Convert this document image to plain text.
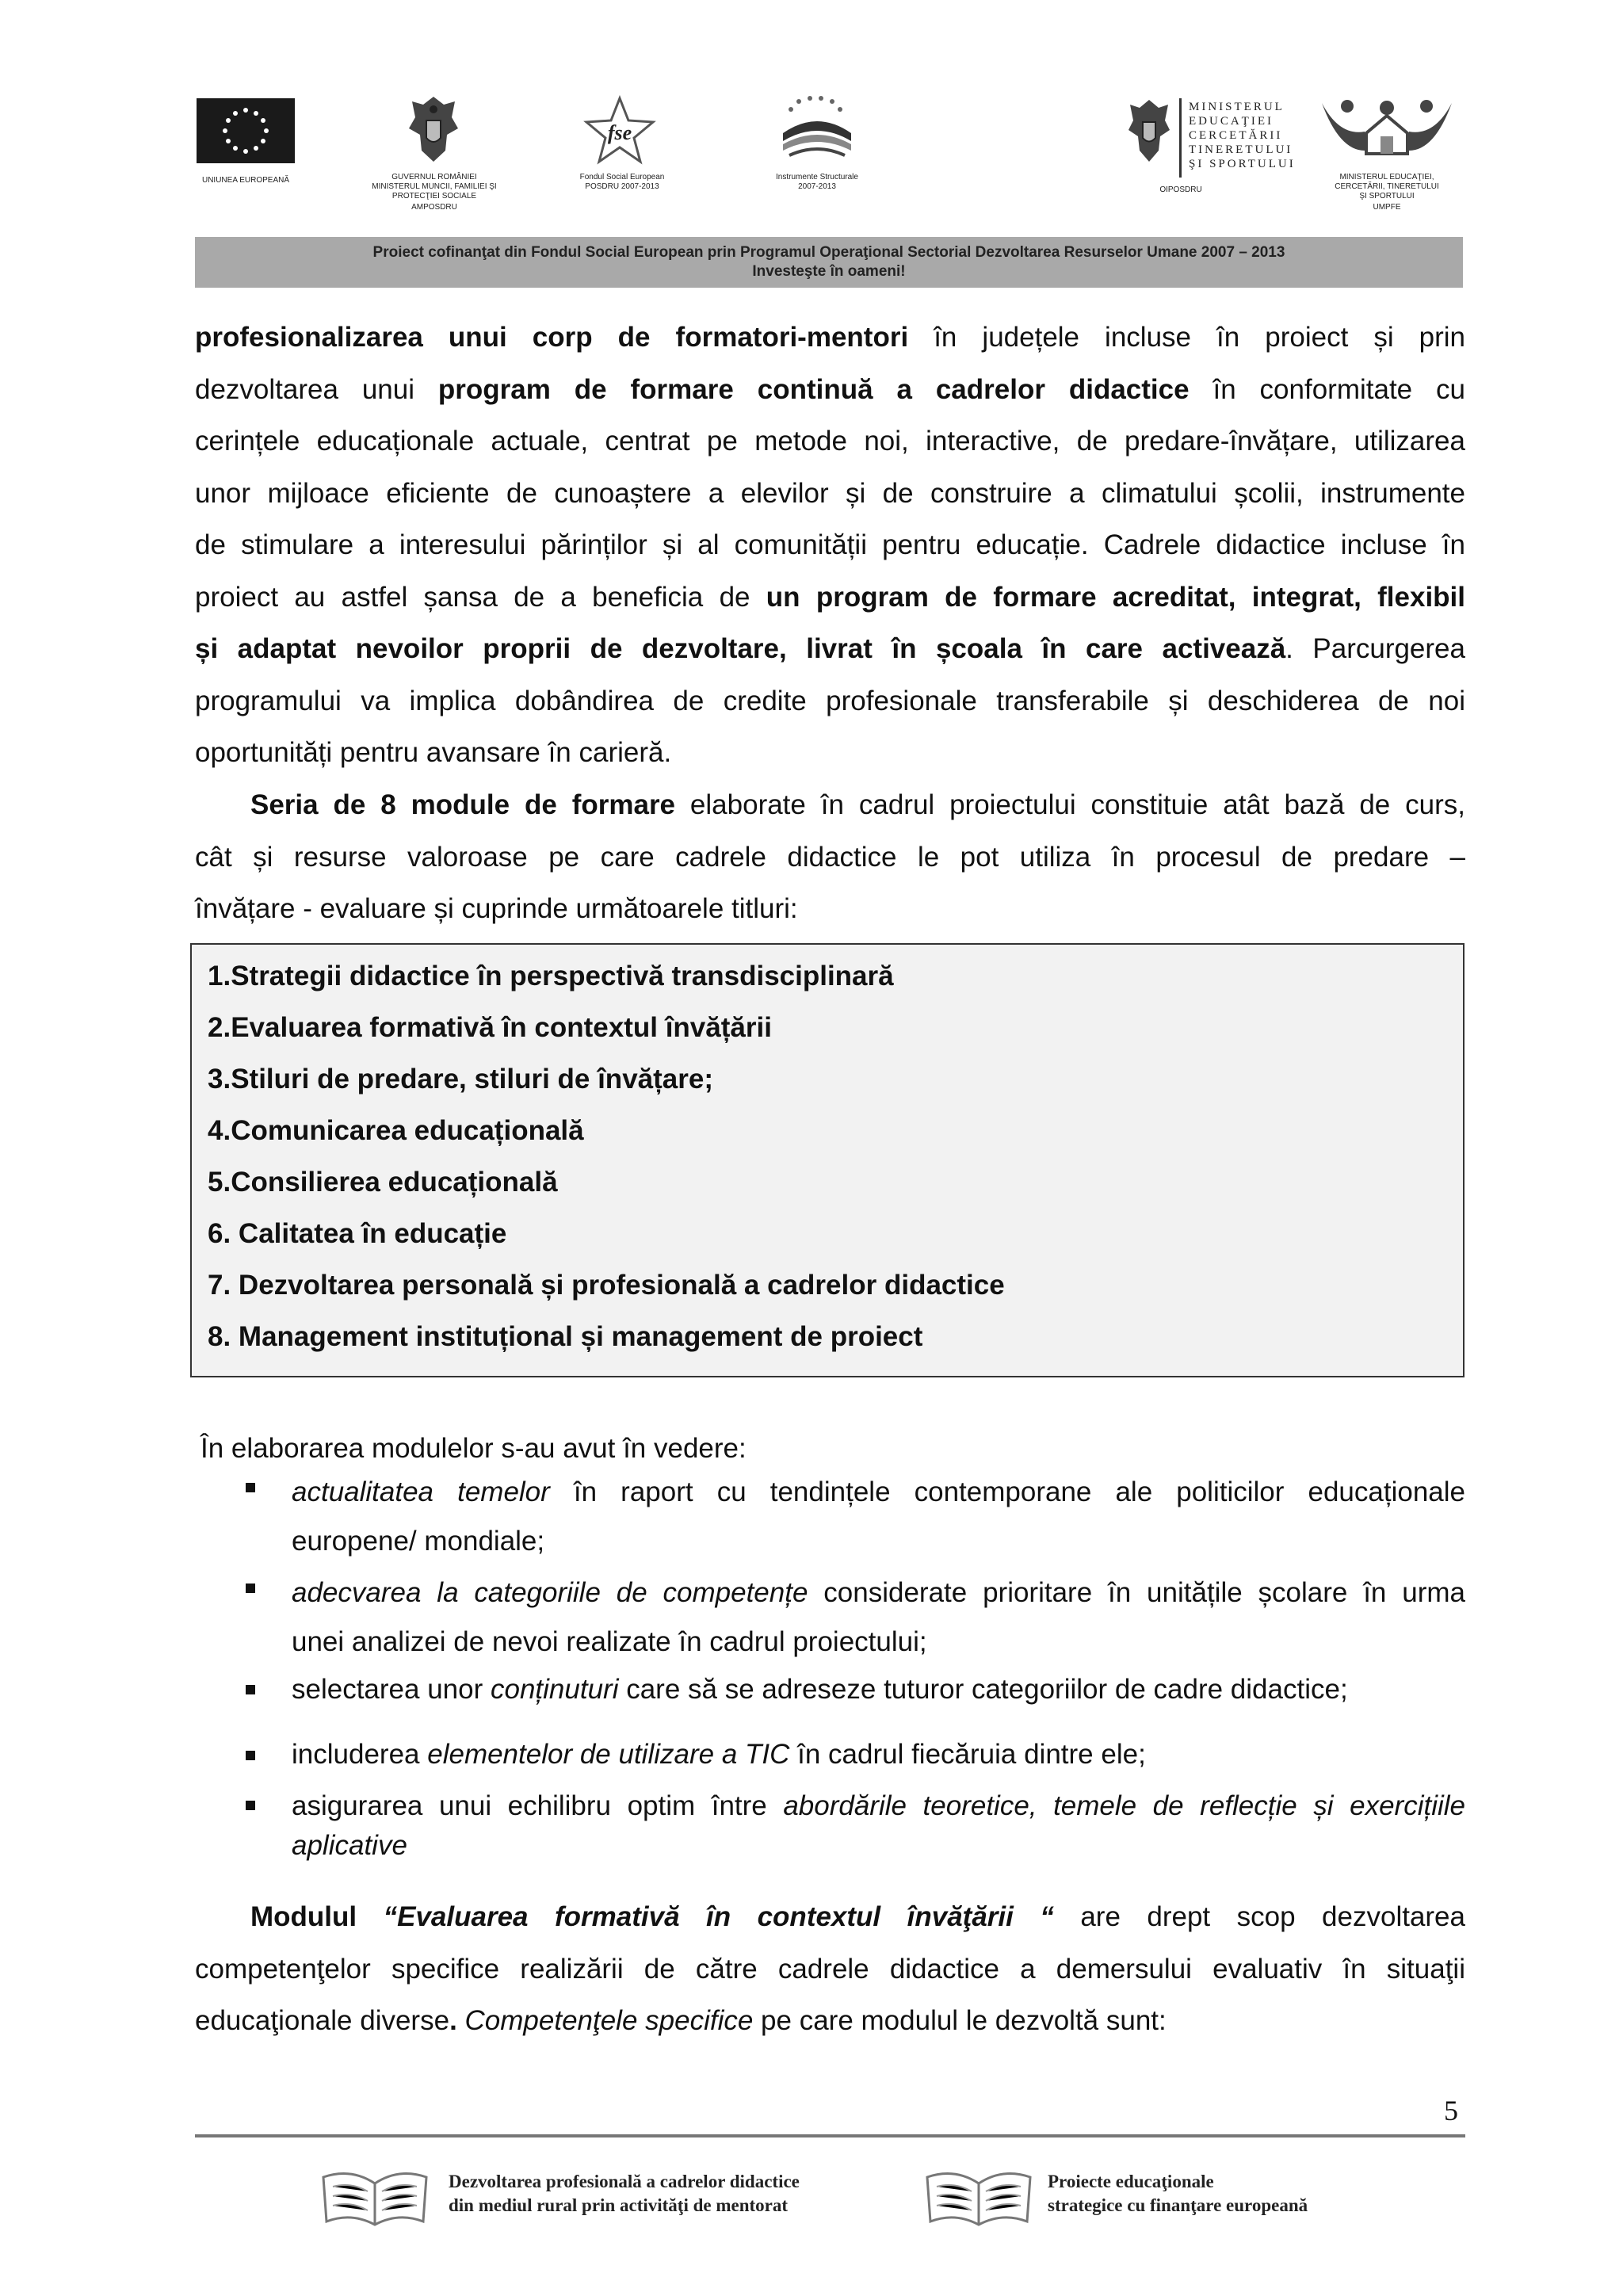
UNIUNEA EUROPEANĂ	GUVERNUL ROMÂNIEI
MINISTERUL MUNCII, FAMILIEI ŞI
PROTECŢIEI SOCIALE
AMPOSDRU
fse
Fondul Social European
POSDRU 2007-2013
Instrumente Structurale
2007-2013
MINISTERUL
EDUCAŢIEI
CERCETĂRII
TINERETULUI
ŞI SPORTULUI
OIPOSDRU
MINISTERUL EDUCAŢIEI,
CERCETĂRII, TINERETULUI
ŞI SPORTULUI
UMPFE
Proiect cofinanţat din Fondul Social European prin Programul Operaţional Sectorial Dezvoltarea Resurselor Umane 2007 – 2013
Investeşte în oameni!
profesionalizarea unui corp de formatori-mentori în județele incluse în proiect și prin
dezvoltarea unui program de formare continuă a cadrelor didactice în conformitate cu
cerințele educaționale actuale, centrat pe metode noi, interactive, de predare-învățare, utilizarea
unor mijloace eficiente de cunoaștere a elevilor și de construire a climatului școlii, instrumente
de stimulare a interesului părinților și al comunității pentru educație. Cadrele didactice incluse în
proiect au astfel șansa de a beneficia de un program de formare acreditat, integrat, flexibil
și adaptat nevoilor proprii de dezvoltare, livrat în școala în care activează. Parcurgerea
programului va implica dobândirea de credite profesionale transferabile și deschiderea de noi
oportunități pentru avansare în carieră.
Seria de 8 module de formare elaborate în cadrul proiectului constituie atât bază de curs,
cât și resurse valoroase pe care cadrele didactice le pot utiliza în procesul de predare –
învățare - evaluare și cuprinde următoarele titluri:
1.Strategii didactice în perspectivă transdisciplinară
2.Evaluarea formativă în contextul învățării
3.Stiluri de predare, stiluri de învățare;
4.Comunicarea educațională
5.Consilierea educațională
6. Calitatea în educație
7. Dezvoltarea personală și profesională a cadrelor didactice
8. Management instituțional și management de proiect
În elaborarea modulelor s-au avut în vedere:
actualitatea temelor în raport cu tendințele contemporane ale politicilor educaționale
europene/ mondiale;
adecvarea la categoriile de competențe considerate prioritare în unitățile școlare în urma
unei analizei de nevoi realizate în cadrul proiectului;
selectarea unor conținuturi care să se adreseze tuturor categoriilor de cadre didactice;
includerea elementelor de utilizare a TIC în cadrul fiecăruia dintre ele;
asigurarea unui echilibru optim între abordările teoretice, temele de reflecție și exercițiile
aplicative
Modulul “Evaluarea formativă în contextul învăţării “ are drept scop dezvoltarea
competenţelor specifice realizării de către cadrele didactice a demersului evaluativ în situaţii
educaţionale diverse. Competenţele specifice pe care modulul le dezvoltă sunt:
5
Dezvoltarea profesională a cadrelor didactice
din mediul rural prin activităţi de mentorat
Proiecte educaţionale
strategice cu finanţare europeană
